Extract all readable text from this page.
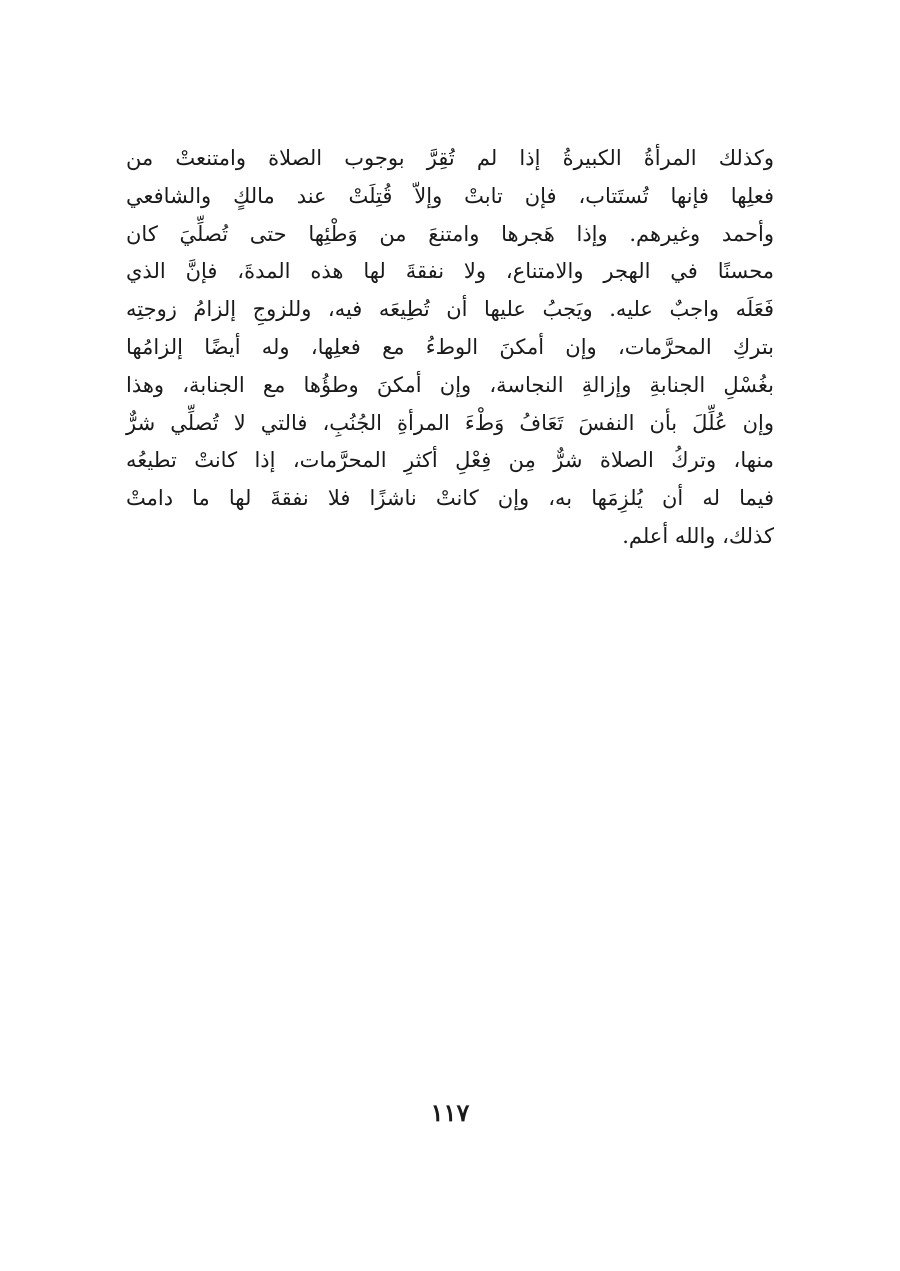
وكذلك المرأةُ الكبيرةُ إذا لم تُقِرَّ بوجوب الصلاة وامتنعتْ من
فعلِها فإنها تُستَتاب، فإن تابتْ وإلاّ قُتِلَتْ عند مالكٍ والشافعي
وأحمد وغيرهم. وإذا هَجرها وامتنعَ من وَطْئِها حتى تُصلِّيَ كان
محسنًا في الهجر والامتناع، ولا نفقةَ لها هذه المدةَ، فإنَّ الذي
فَعَلَه واجبٌ عليه. ويَجبُ عليها أن تُطِيعَه فيه، وللزوجِ إلزامُ زوجتِه
بتركِ المحرَّمات، وإن أمكنَ الوطءُ مع فعلِها، وله أيضًا إلزامُها
بغُسْلِ الجنابةِ وإزالةِ النجاسة، وإن أمكنَ وطؤُها مع الجنابة، وهذا
وإن عُلِّلَ بأن النفسَ تَعَافُ وَطْءَ المرأةِ الجُنُبِ، فالتي لا تُصلِّي شرٌّ
منها، وتركُ الصلاة شرٌّ مِن فِعْلِ أكثرِ المحرَّمات، إذا كانتْ تطيعُه
فيما له أن يُلزِمَها به، وإن كانتْ ناشزًا فلا نفقةَ لها ما دامتْ
كذلك، والله أعلم.
١١٧
